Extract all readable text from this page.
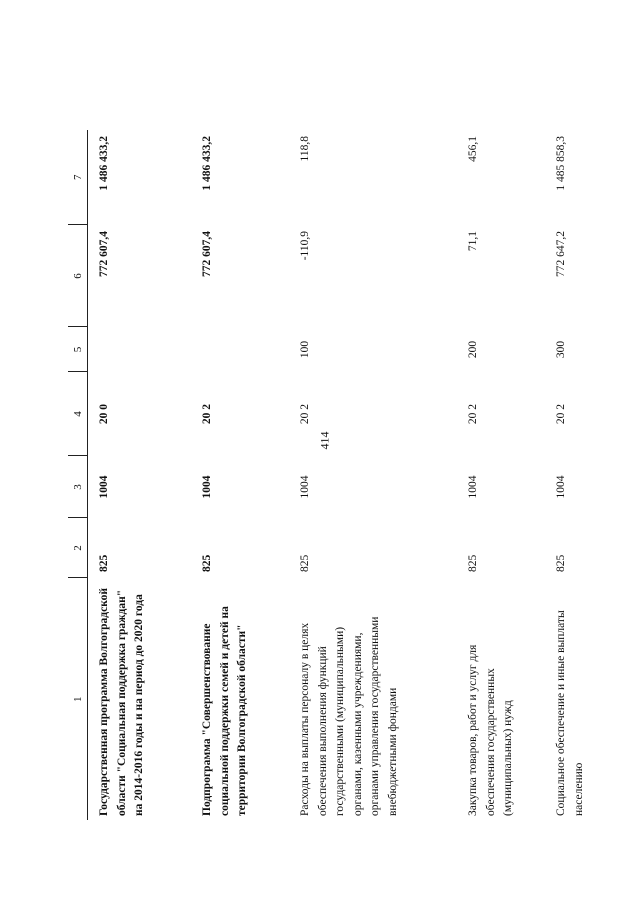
414
1	2	3	4	5	6	7
Государственная программа Волгоградской области "Социальная поддержка граждан" на 2014-2016 годы и на период до 2020 года	825	1004	20 0		772 607,4	1 486 433,2
Подпрограмма "Совершенствование социальной поддержки семей и детей на территории Волгоградской области"	825	1004	20 2		772 607,4	1 486 433,2
Расходы на выплаты персоналу в целях обеспечения выполнения функций государственными (муниципальными) органами, казенными учреждениями, органами управления государственными внебюджетными фондами	825	1004	20 2	100	-110,9	118,8
Закупка товаров, работ и услуг для обеспечения государственных (муниципальных) нужд	825	1004	20 2	200	71,1	456,1
Социальное обеспечение и иные выплаты населению	825	1004	20 2	300	772 647,2	1 485 858,3
